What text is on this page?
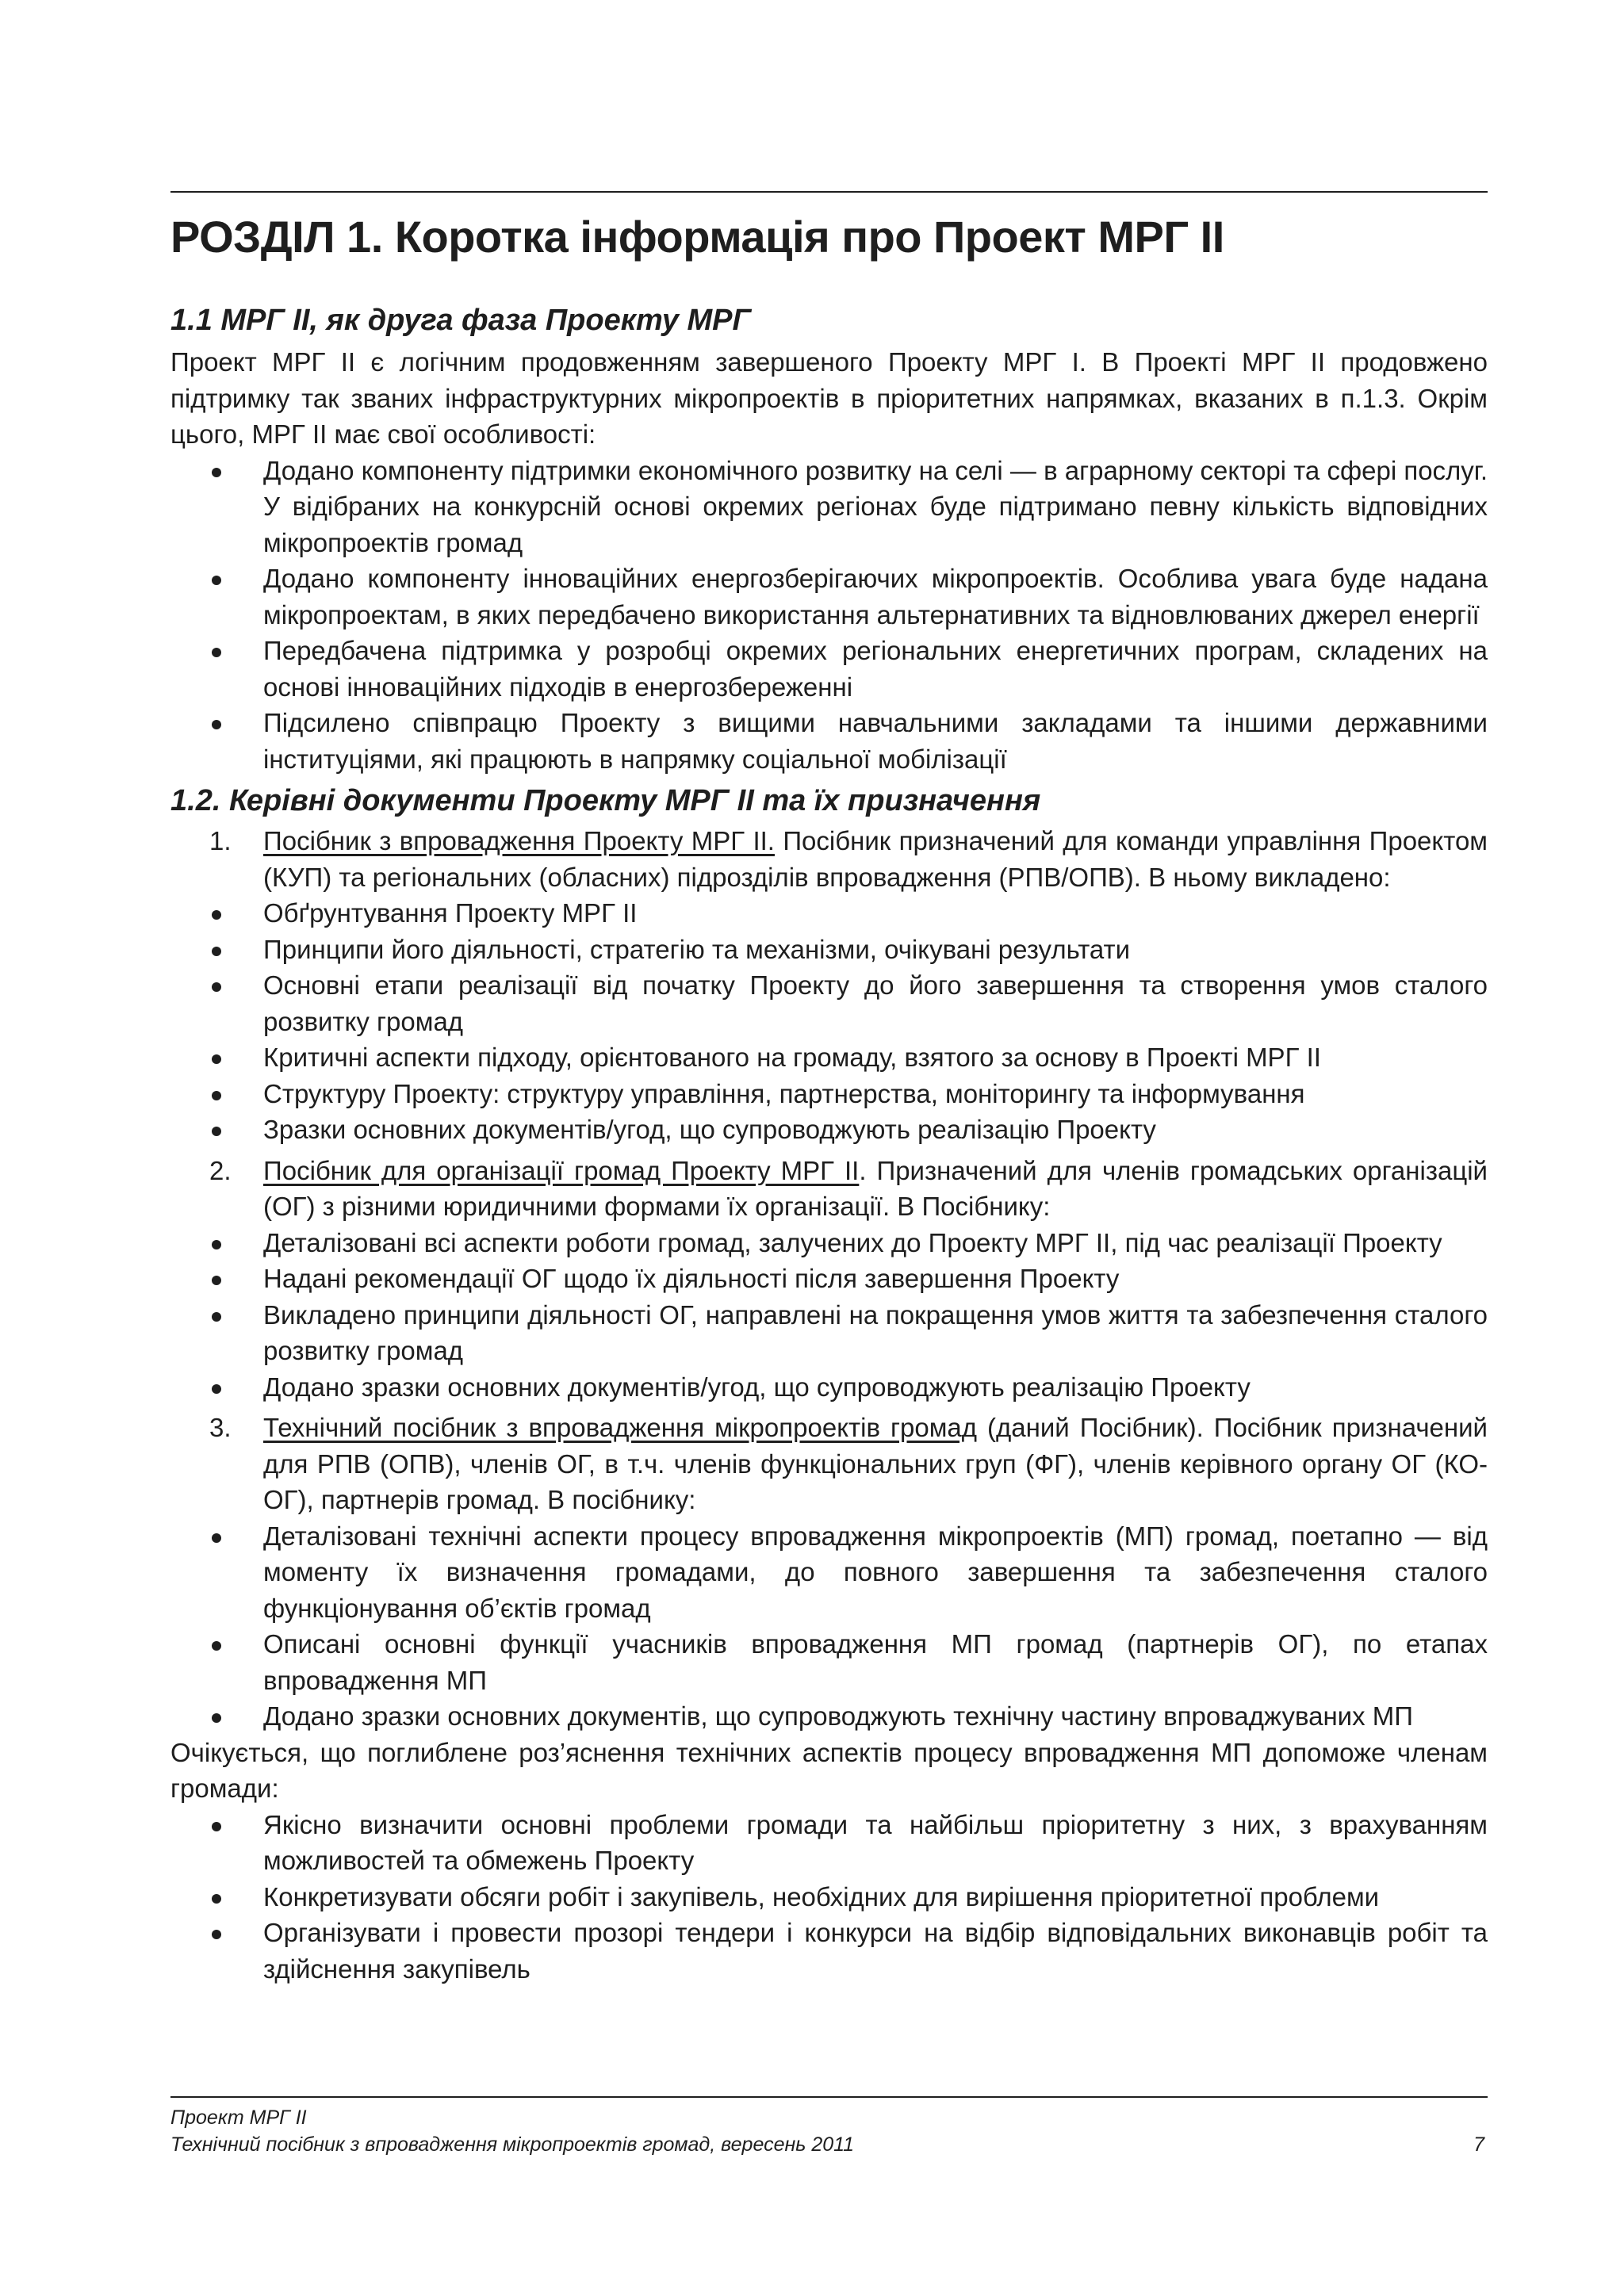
РОЗДІЛ 1. Коротка інформація про Проект МРГ ІІ
1.1 МРГ ІІ, як друга фаза Проекту МРГ

Проект МРГ ІІ є логічним продовженням завершеного Проекту МРГ І. В Проекті МРГ ІІ продовжено підтримку так званих інфраструктурних мікропроектів в пріоритетних напрямках, вказаних в п.1.3. Окрім цього, МРГ ІІ має свої особливості:

Додано компоненту підтримки економічного розвитку на селі — в аграрному секторі та сфері послуг. У відібраних на конкурсній основі окремих регіонах буде підтримано певну кількість відповідних мікропроектів громад
Додано компоненту інноваційних енергозберігаючих мікропроектів. Особлива увага буде надана мікропроектам, в яких передбачено використання альтернативних та відновлюваних джерел енергії
Передбачена підтримка у розробці окремих регіональних енергетичних програм, складених на основі інноваційних підходів в енергозбереженні
Підсилено співпрацю Проекту з вищими навчальними закладами та іншими державними інституціями, які працюють в напрямку соціальної мобілізації
1.2. Керівні документи Проекту МРГ ІІ та їх призначення
1. Посібник з впровадження Проекту МРГ ІІ. Посібник призначений для команди управління Проектом (КУП) та регіональних (обласних) підрозділів впровадження (РПВ/ОПВ). В ньому викладено:
Обґрунтування Проекту МРГ ІІ
Принципи його діяльності, стратегію та механізми, очікувані результати
Основні етапи реалізації від початку Проекту до його завершення та створення умов сталого розвитку громад
Критичні аспекти підходу, орієнтованого на громаду, взятого за основу в Проекті МРГ ІІ
Структуру Проекту: структуру управління, партнерства, моніторингу та інформування
Зразки основних документів/угод, що супроводжують реалізацію Проекту
2. Посібник для організації громад Проекту МРГ ІІ. Призначений для членів громадських організацій (ОГ) з різними юридичними формами їх організації. В Посібнику:
Деталізовані всі аспекти роботи громад, залучених до Проекту МРГ ІІ, під час реалізації Проекту
Надані рекомендації ОГ щодо їх діяльності після завершення Проекту
Викладено принципи діяльності ОГ, направлені на покращення умов життя та забезпечення сталого розвитку громад
Додано зразки основних документів/угод, що супроводжують реалізацію Проекту
3. Технічний посібник з впровадження мікропроектів громад (даний Посібник). Посібник призначений для РПВ (ОПВ), членів ОГ, в т.ч. членів функціональних груп (ФГ), членів керівного органу ОГ (КО-ОГ), партнерів громад. В посібнику:
Деталізовані технічні аспекти процесу впровадження мікропроектів (МП) громад, поетапно — від моменту їх визначення громадами, до повного завершення та забезпечення сталого функціонування об’єктів громад
Описані основні функції учасників впровадження МП громад (партнерів ОГ), по етапах впровадження МП
Додано зразки основних документів, що супроводжують технічну частину впроваджуваних МП

Очікується, що поглиблене роз’яснення технічних аспектів процесу впровадження МП допоможе членам громади:

Якісно визначити основні проблеми громади та найбільш пріоритетну з них, з врахуванням можливостей та обмежень Проекту
Конкретизувати обсяги робіт і закупівель, необхідних для вирішення пріоритетної проблеми
Організувати і провести прозорі тендери і конкурси на відбір відповідальних виконавців робіт та здійснення закупівель
Проект МРГ ІІ
Технічний посібник з впровадження мікропроектів громад, вересень 2011	7
